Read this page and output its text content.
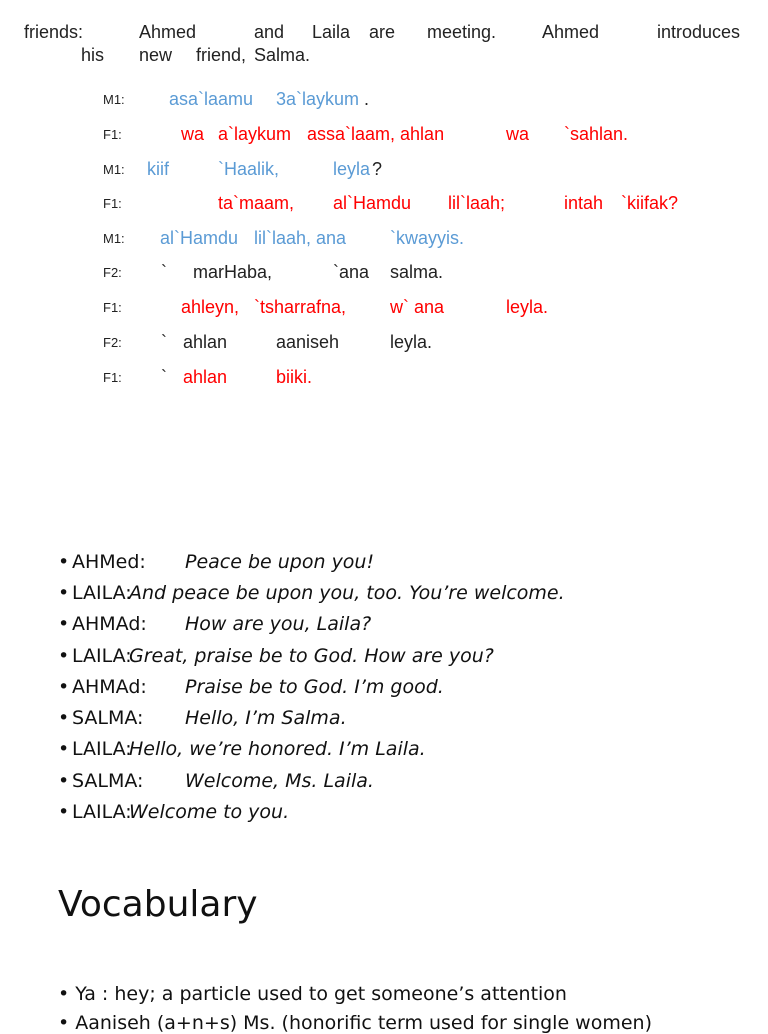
friends:	Ahmed	and Laila are meeting.	Ahmed	introduces
his new friend, Salma.
M1: asa`laamu 3a`laykum .
F1:	wa a`laykum assa`laam, ahlan	wa `sahlan.
M1: kiif	`Haalik,	leyla ?
F1:	ta`maam, al`Hamdu lil`laah;	intah `kiifak?
M1: al`Hamdu lil`laah, ana `kwayyis.
F2: ` marHaba,	`ana salma.
F1:	ahleyn, `tsharrafna, w` ana	leyla.
F2: ` ahlan	aaniseh	leyla.
F1: ` ahlan	biiki.
• AHMed: Peace be upon you!
• LAILA:
And peace be upon you, too. You’re welcome.
• AHMAd: How are you, Laila?
• LAILA:
Great, praise be to God. How are you?
• AHMAd: Praise be to God. I’m good.
• SALMA: Hello, I’m Salma.
• LAILA:
Hello, we’re honored. I’m Laila.
• SALMA: Welcome, Ms. Laila.
• LAILA:
Welcome to you.
Vocabulary
• Ya : hey; a particle used to get someone’s attention
• Aaniseh (a+n+s) Ms. (honorific term used for single women)
